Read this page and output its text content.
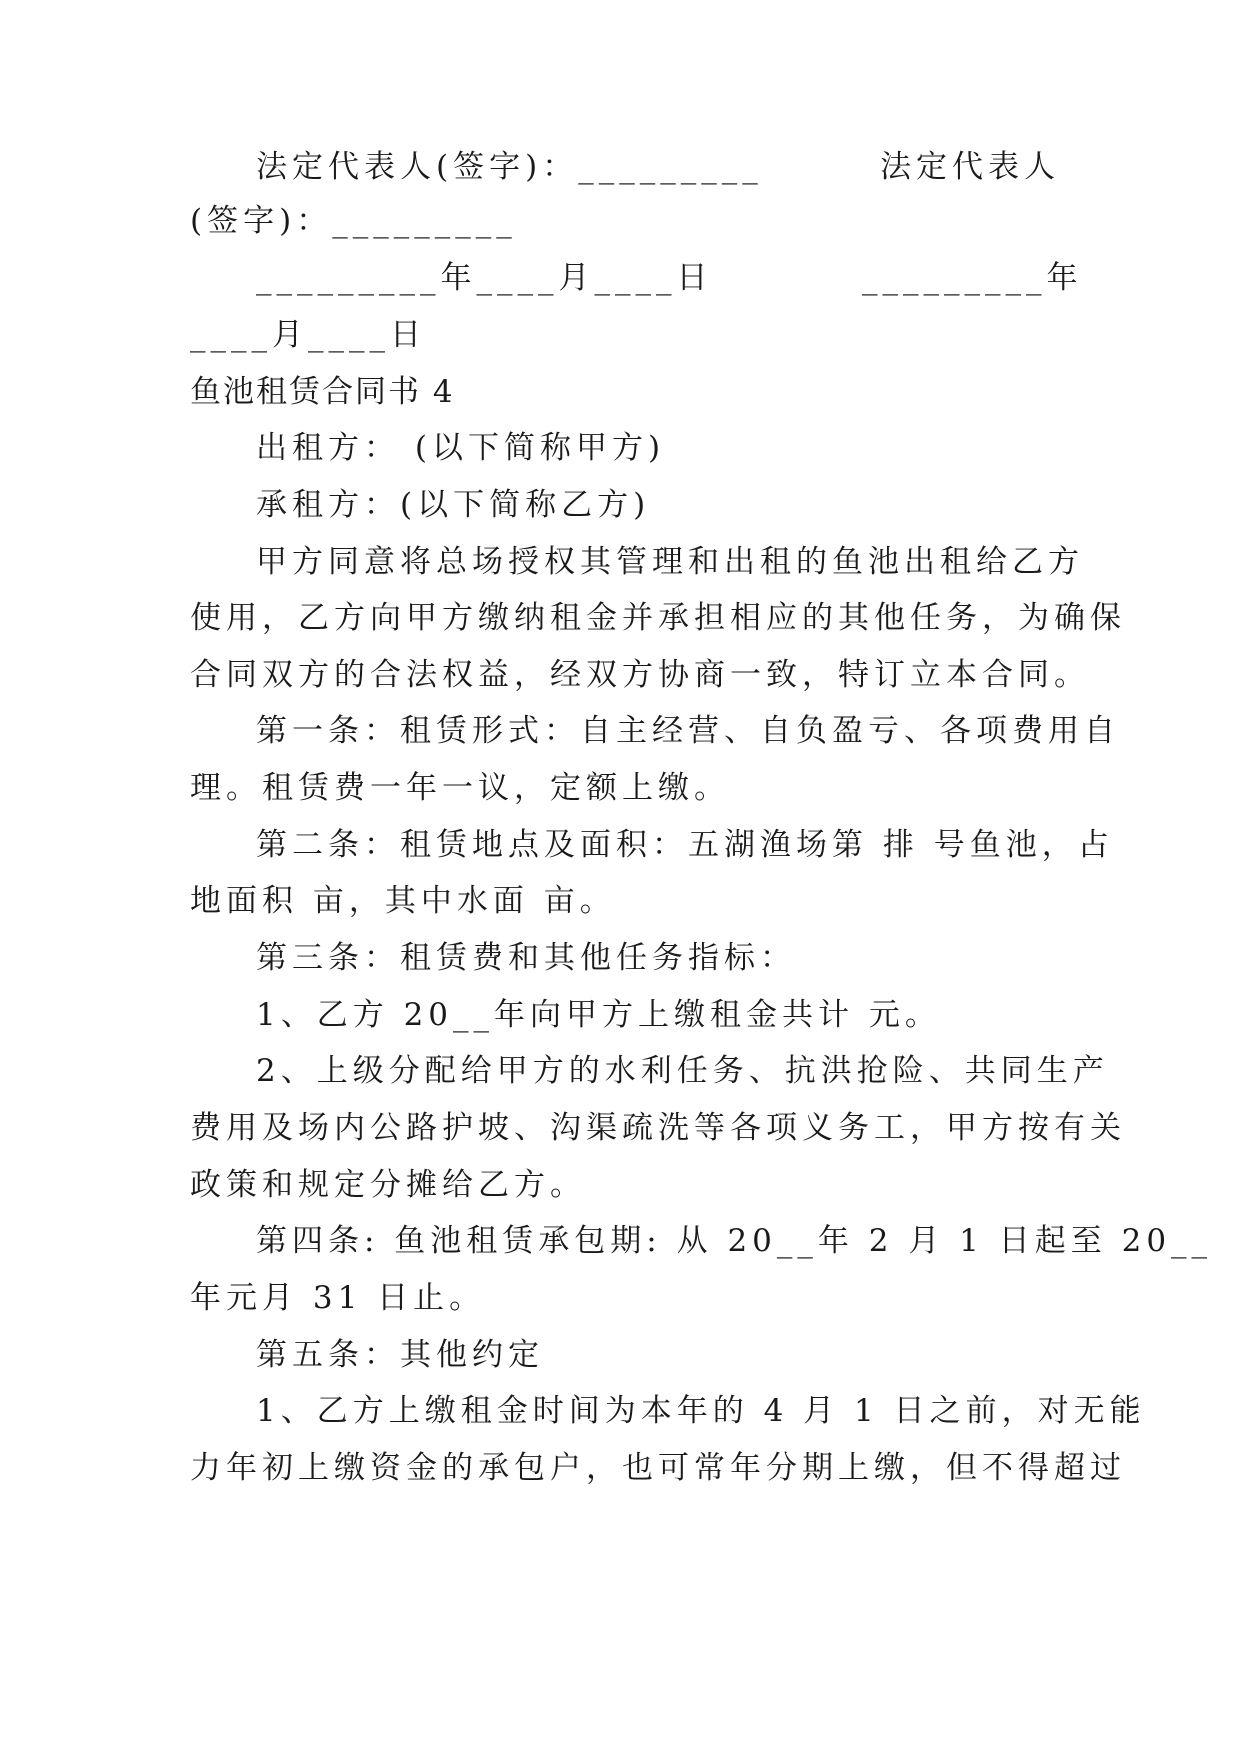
法定代表人(签字)：_________	法定代表人
(签字)：_________
_________年____月____日	_________年
____月____日
鱼池租赁合同书 4
出租方： (以下简称甲方)
承租方：(以下简称乙方)
甲方同意将总场授权其管理和出租的鱼池出租给乙方
使用，乙方向甲方缴纳租金并承担相应的其他任务，为确保
合同双方的合法权益，经双方协商一致，特订立本合同。
第一条：租赁形式：自主经营、自负盈亏、各项费用自
理。租赁费一年一议，定额上缴。
第二条：租赁地点及面积：五湖渔场第 排 号鱼池，占
地面积 亩，其中水面 亩。
第三条：租赁费和其他任务指标：
1、乙方 20__年向甲方上缴租金共计 元。
2、上级分配给甲方的水利任务、抗洪抢险、共同生产
费用及场内公路护坡、沟渠疏洗等各项义务工，甲方按有关
政策和规定分摊给乙方。
第四条: 鱼池租赁承包期: 从 20__年 2 月 1 日起至 20__
年元月 31 日止。
第五条：其他约定
1、乙方上缴租金时间为本年的 4 月 1 日之前，对无能
力年初上缴资金的承包户，也可常年分期上缴，但不得超过
